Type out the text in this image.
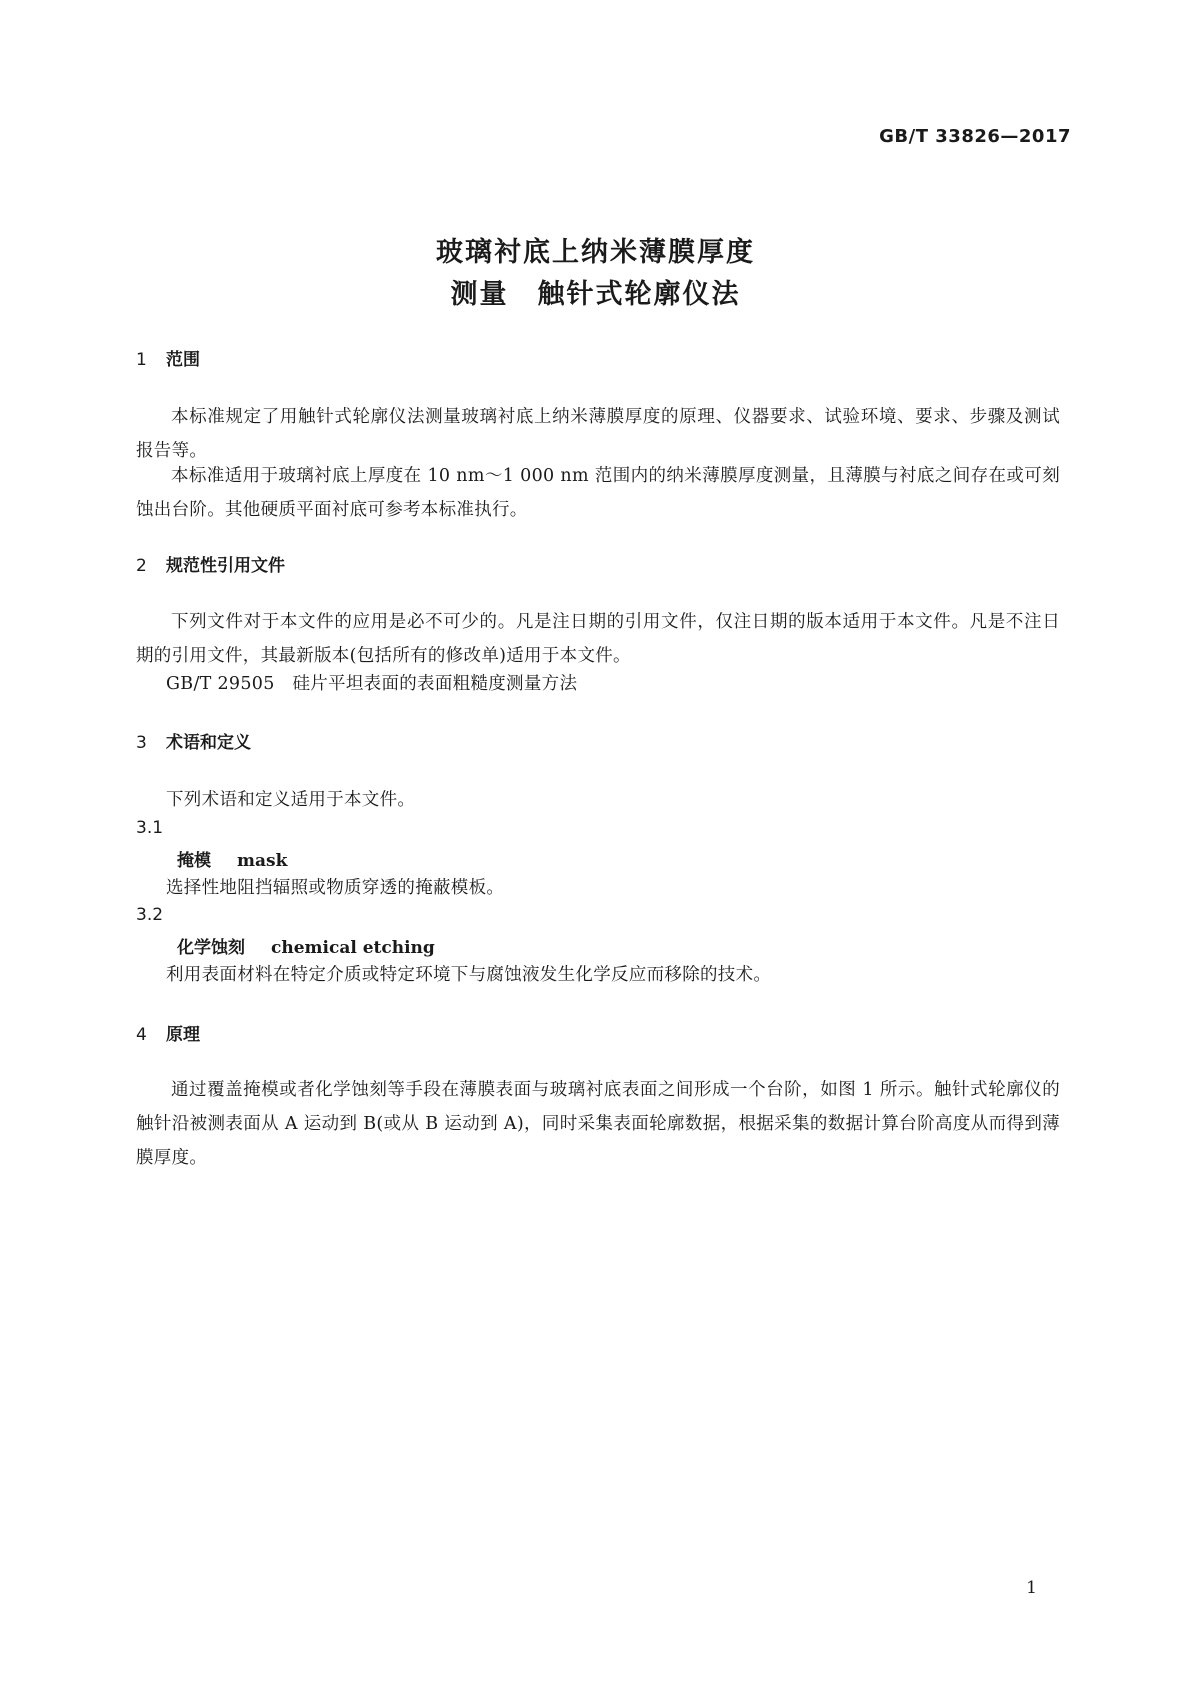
GB/T 33826—2017
玻璃衬底上纳米薄膜厚度
测量　触针式轮廓仪法
1 范围
本标准规定了用触针式轮廓仪法测量玻璃衬底上纳米薄膜厚度的原理、仪器要求、试验环境、要求、步骤及测试报告等。
本标准适用于玻璃衬底上厚度在 10 nm～1 000 nm 范围内的纳米薄膜厚度测量，且薄膜与衬底之间存在或可刻蚀出台阶。其他硬质平面衬底可参考本标准执行。
2 规范性引用文件
下列文件对于本文件的应用是必不可少的。凡是注日期的引用文件，仅注日期的版本适用于本文件。凡是不注日期的引用文件，其最新版本(包括所有的修改单)适用于本文件。
GB/T 29505　硅片平坦表面的表面粗糙度测量方法
3 术语和定义
下列术语和定义适用于本文件。
3.1
掩模 mask
选择性地阻挡辐照或物质穿透的掩蔽模板。
3.2
化学蚀刻 chemical etching
利用表面材料在特定介质或特定环境下与腐蚀液发生化学反应而移除的技术。
4 原理
通过覆盖掩模或者化学蚀刻等手段在薄膜表面与玻璃衬底表面之间形成一个台阶，如图 1 所示。触针式轮廓仪的触针沿被测表面从 A 运动到 B(或从 B 运动到 A)，同时采集表面轮廓数据，根据采集的数据计算台阶高度从而得到薄膜厚度。
1
